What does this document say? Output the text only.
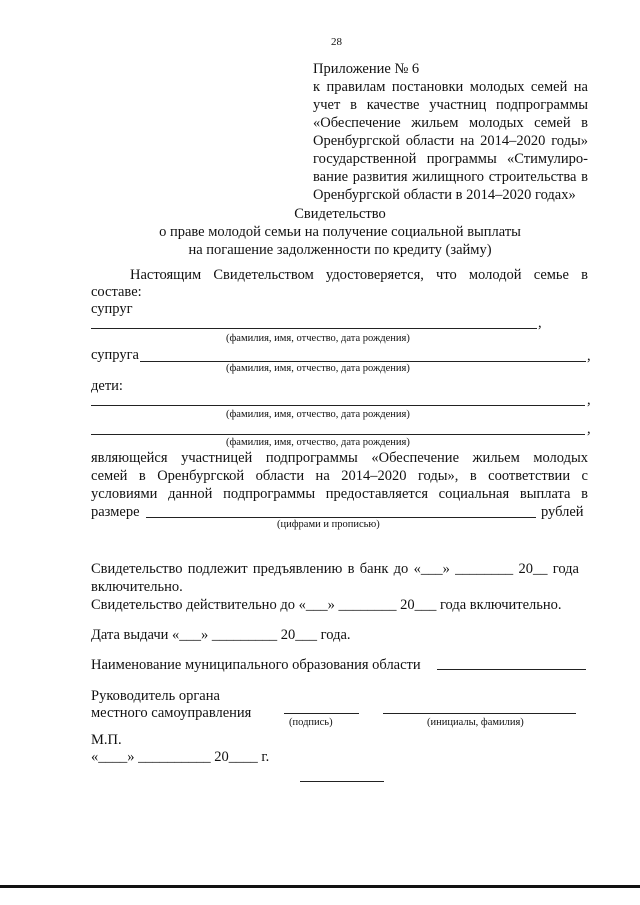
28
Приложение № 6
к правилам постановки молодых семей на
учет в качестве участниц подпрограммы
«Обеспечение жильем молодых семей в
Оренбургской области на 2014–2020 годы»
государственной программы «Стимулиро-
вание развития жилищного строительства в
Оренбургской области в 2014–2020 годах»
Свидетельство
о праве молодой семьи на получение социальной выплаты
на погашение задолженности по кредиту (займу)
Настоящим Свидетельством удостоверяется, что молодой семье в
составе:
супруг
,
(фамилия, имя, отчество, дата рождения)
супруга	,
(фамилия, имя, отчество, дата рождения)
дети:
,
(фамилия, имя, отчество, дата рождения)
,
(фамилия, имя, отчество, дата рождения)
являющейся участницей подпрограммы «Обеспечение жильем молодых
семей в Оренбургской области на 2014–2020 годы», в соответствии с
условиями данной подпрограммы предоставляется социальная выплата в
размере	рублей
(цифрами и прописью)
Свидетельство подлежит предъявлению в банк до «___» ________ 20__ года
включительно.
Свидетельство действительно до «___» ________ 20___ года включительно.
Дата выдачи «___» _________ 20___ года.
Наименование муниципального образования области
Руководитель органа
местного самоуправления
(подпись)	(инициалы, фамилия)
М.П.
«____» __________ 20____ г.
